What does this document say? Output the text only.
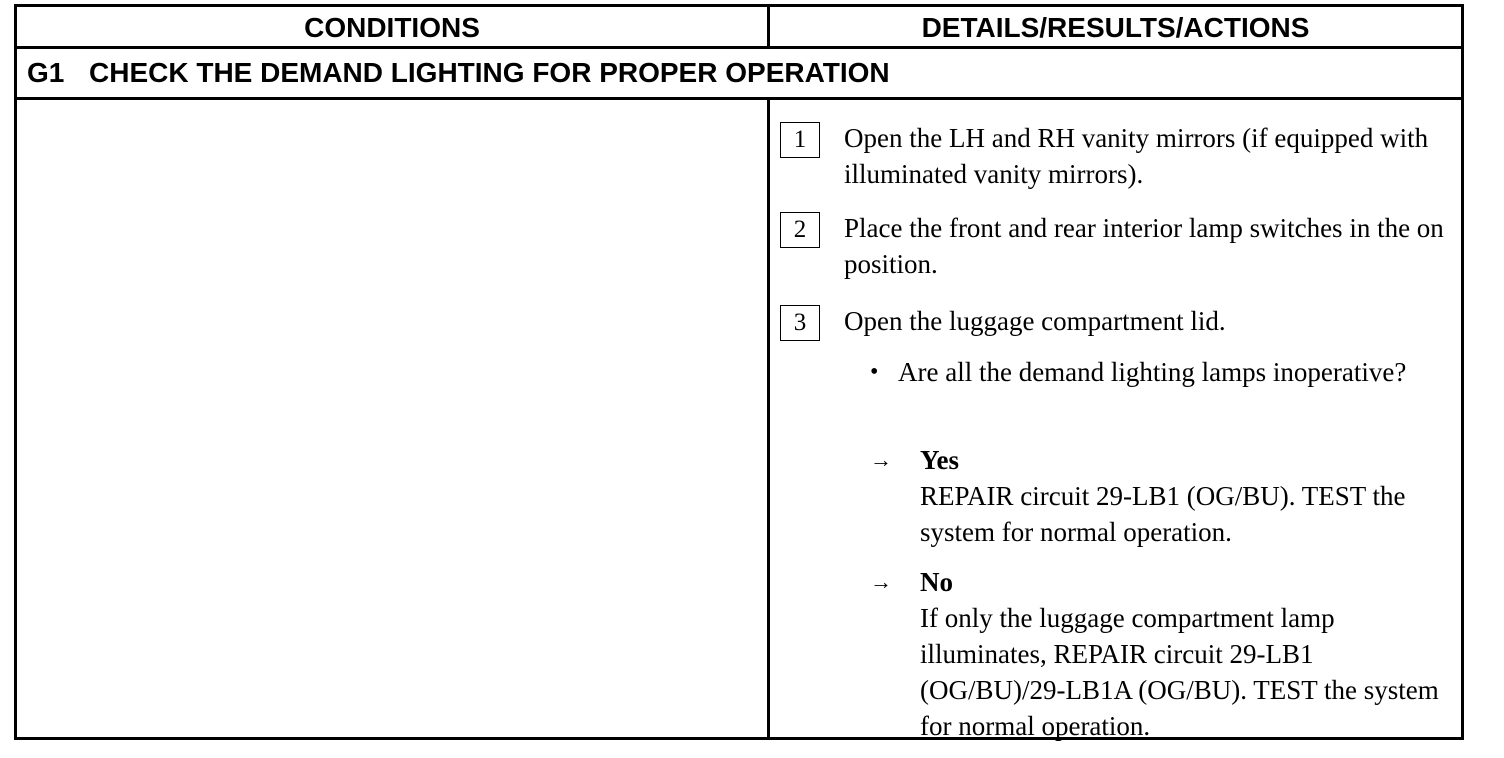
CONDITIONS	DETAILS/RESULTS/ACTIONS
G1 CHECK THE DEMAND LIGHTING FOR PROPER OPERATION
1	Open the LH and RH vanity mirrors (if equipped with illuminated vanity mirrors).
2	Place the front and rear interior lamp switches in the on position.
3	Open the luggage compartment lid.
• Are all the demand lighting lamps inoperative?
→ Yes
REPAIR circuit 29-LB1 (OG/BU). TEST the system for normal operation.
→ No
If only the luggage compartment lamp illuminates, REPAIR circuit 29-LB1 (OG/BU)/29-LB1A (OG/BU). TEST the system for normal operation.
